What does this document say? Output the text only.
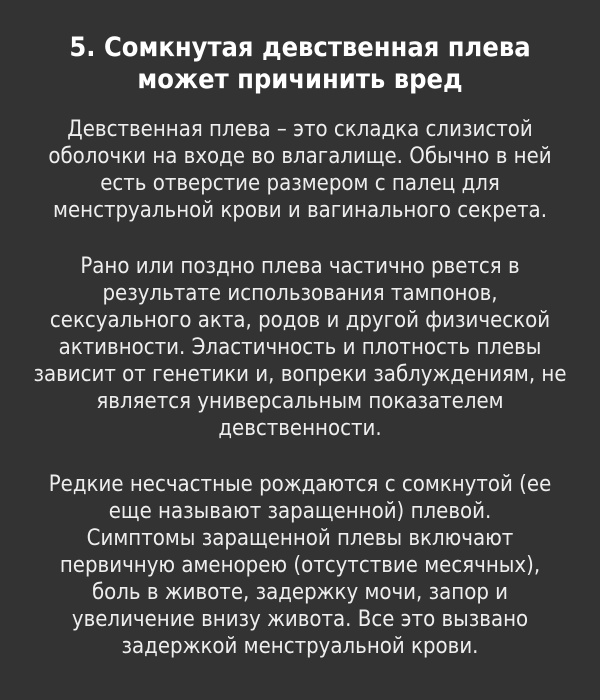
5. Сомкнутая девственная плева
может причинить вред

Девственная плева – это складка слизистой
оболочки на входе во влагалище. Обычно в ней
есть отверстие размером с палец для
менструальной крови и вагинального секрета.

Рано или поздно плева частично рвется в
результате использования тампонов,
сексуального акта, родов и другой физической
активности. Эластичность и плотность плевы
зависит от генетики и, вопреки заблуждениям, не
является универсальным показателем
девственности.

Редкие несчастные рождаются с сомкнутой (ее
еще называют заращенной) плевой.
Симптомы заращенной плевы включают
первичную аменорею (отсутствие месячных),
боль в животе, задержку мочи, запор и
увеличение внизу живота. Все это вызвано
задержкой менструальной крови.
